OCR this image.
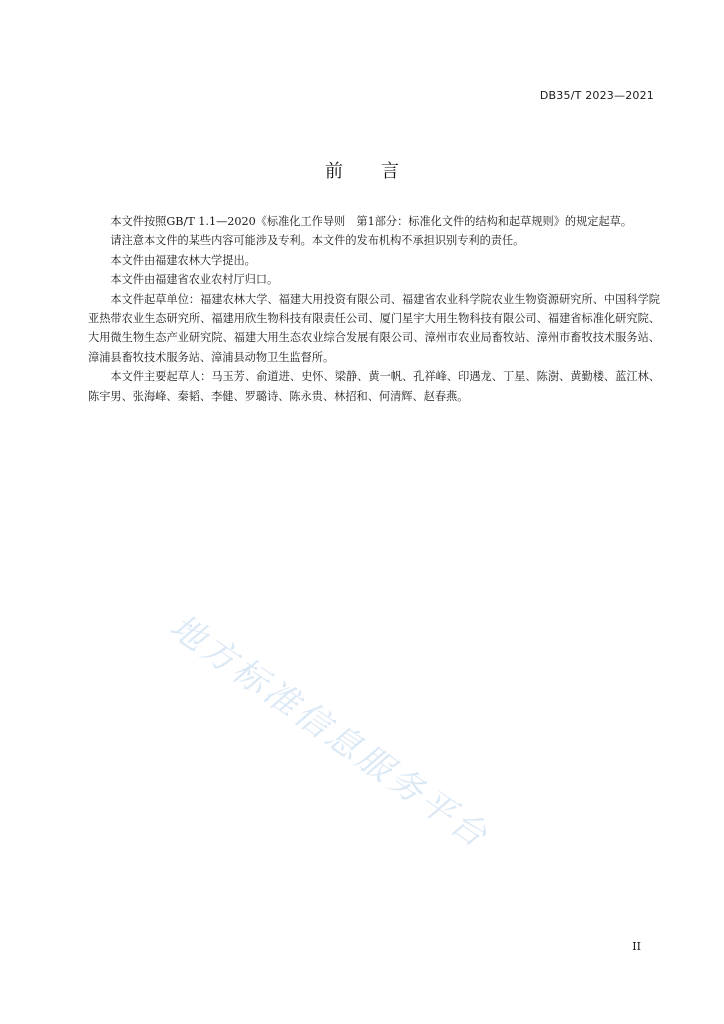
DB35/T 2023—2021
前 言

本文件按照GB/T 1.1—2020《标准化工作导则　第1部分：标准化文件的结构和起草规则》的规定起草。

请注意本文件的某些内容可能涉及专利。本文件的发布机构不承担识别专利的责任。

本文件由福建农林大学提出。

本文件由福建省农业农村厅归口。

本文件起草单位：福建农林大学、福建大用投资有限公司、福建省农业科学院农业生物资源研究所、中国科学院亚热带农业生态研究所、福建用欣生物科技有限责任公司、厦门星宇大用生物科技有限公司、福建省标准化研究院、大用微生物生态产业研究院、福建大用生态农业综合发展有限公司、漳州市农业局畜牧站、漳州市畜牧技术服务站、漳浦县畜牧技术服务站、漳浦县动物卫生监督所。

本文件主要起草人：马玉芳、俞道进、史怀、梁静、黄一帆、孔祥峰、印遇龙、丁星、陈澍、黄勤楼、蓝江林、陈宇男、张海峰、秦韬、李健、罗璐诗、陈永贵、林招和、何清辉、赵春燕。

地方标准信息服务平台
II
